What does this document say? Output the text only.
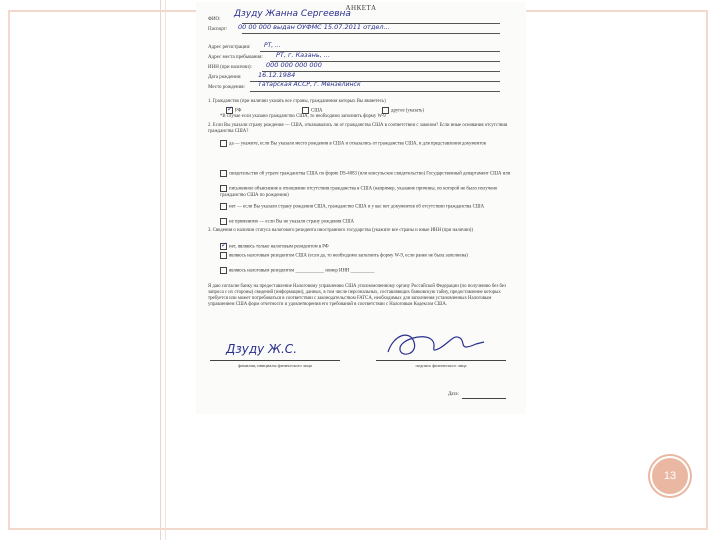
АНКЕТА
ФИО:
Дзуду Жанна Сергеевна
Паспорт: 00 00 000 выдан ОУФМС 15.07.2011 отдел...
Адрес регистрации: РТ, ...
Адрес места пребывания: РТ, г. Казань, ...
ИНН (при наличии): 000 000 000 000
Дата рождения:	16.12.1984
Место рождения: Татарская АССР, г. Мензелинск
1. Гражданство (при наличии указать все страны, гражданином которых Вы являетесь)
✓РФ	США	другое (указать)
*В случае если указано гражданство США, то необходимо заполнить форму W-9
2. Если Вы указали страну рождения — США, отказывались ли от гражданства США в соответствии с законом? Если иные основания отсутствия гражданства США?
да — укажите, если Вы указали место рождения в США и отказались от гражданства США, и для представления документов
свидетельство об утрате гражданства США по форме DS-4083 (или консульское свидетельство) Государственный департамент США или
письменное объяснение в отношении отсутствия гражданства в США (например, указание причины, по которой не было получено гражданство США по рождению)
нет — если Вы указали страну рождения США, гражданство США и у вас нет документов об отсутствии гражданства США
не применимо — если Вы не указали страну рождения США
3. Сведения о наличии статуса налогового резидента иностранного государства (укажите все страны и иные ИНН (при наличии))
✓нет, являюсь только налоговым резидентом в РФ
являюсь налоговым резидентом США (если да, то необходимо заполнить форму W-9, если ранее не была заполнена)
являюсь налоговым резидентом ____________ номер ИНН __________
Я даю согласие банку на предоставление Налоговому управлению США уполномоченному органу Российской Федерации (по получению без без запроса с их стороны) сведений (информации), данных, в том числе персональных, составляющих банковскую тайну, предоставление которых требуется или может потребоваться в соответствии с законодательством FATCA, необходимых для заполнения установленных Налоговым управлением США форм отчетности и удовлетворения его требований в соответствии с Налоговым Кодексом США.
Дзуду Ж.С.
фамилия, инициалы физического лица	подпись физического лица
Дата:
13
